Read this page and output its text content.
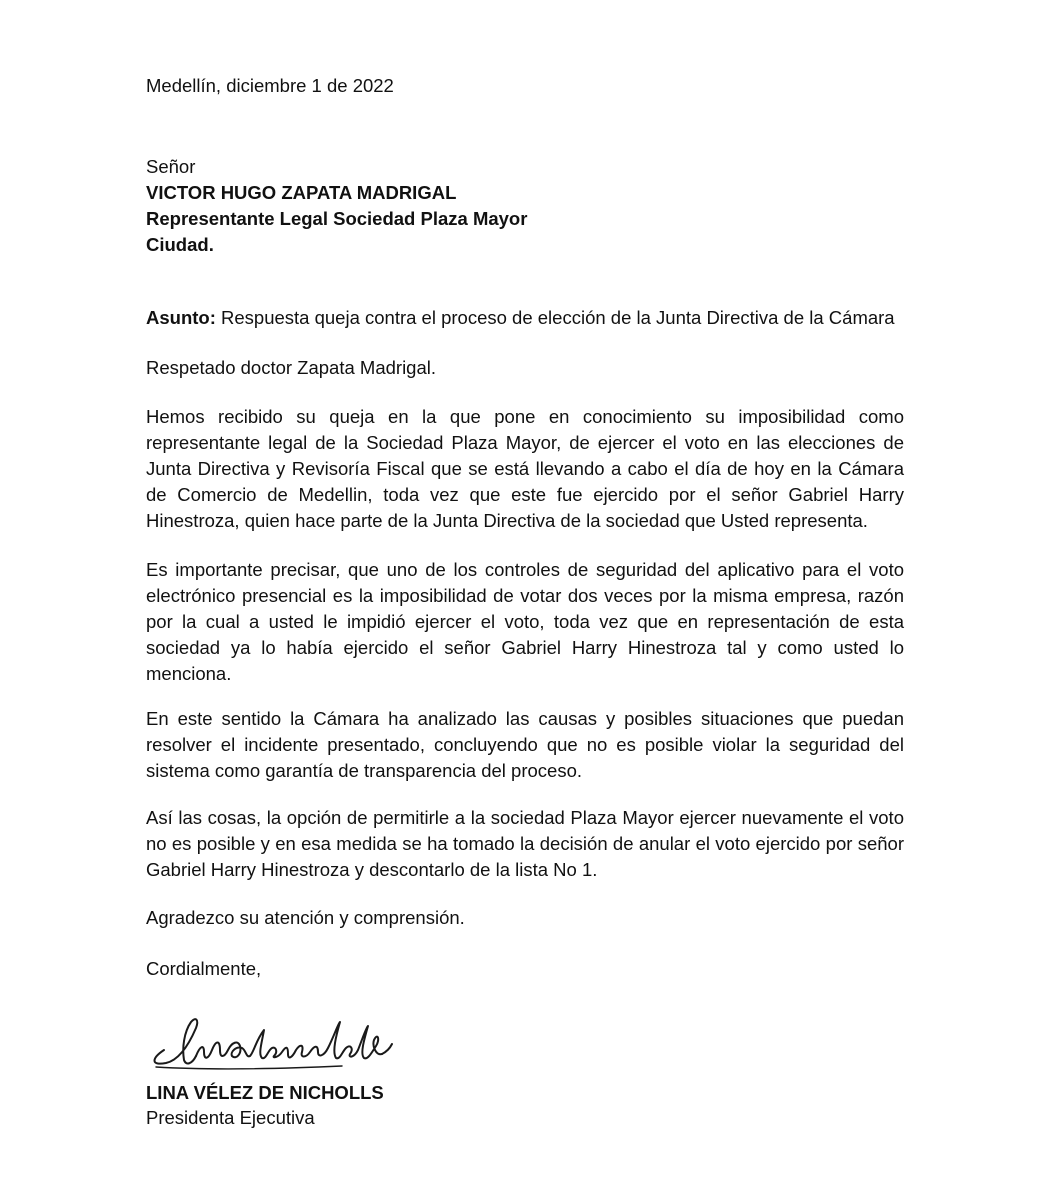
Medellín, diciembre 1 de 2022
Señor
VICTOR HUGO ZAPATA MADRIGAL
Representante Legal Sociedad Plaza Mayor
Ciudad.
Asunto: Respuesta queja contra el proceso de elección de la Junta Directiva de la Cámara
Respetado doctor Zapata Madrigal.
Hemos recibido su queja en la que pone en conocimiento su imposibilidad como representante legal de la Sociedad Plaza Mayor, de ejercer el voto en las elecciones de Junta Directiva y Revisoría Fiscal que se está llevando a cabo el día de hoy en la Cámara de Comercio de Medellin, toda vez que este fue ejercido por el señor Gabriel Harry Hinestroza, quien hace parte de la Junta Directiva de la sociedad que Usted representa.
Es importante precisar, que uno de los controles de seguridad del aplicativo para el voto electrónico presencial es la imposibilidad de votar dos veces por la misma empresa, razón por la cual a usted le impidió ejercer el voto, toda vez que en representación de esta sociedad ya lo había ejercido el señor Gabriel Harry Hinestroza tal y como usted lo menciona.
En este sentido la Cámara ha analizado las causas y posibles situaciones que puedan resolver el incidente presentado, concluyendo que no es posible violar la seguridad del sistema como garantía de transparencia del proceso.
Así las cosas, la opción de permitirle a la sociedad Plaza Mayor ejercer nuevamente el voto no es posible y en esa medida se ha tomado la decisión de anular el voto ejercido por señor Gabriel Harry Hinestroza y descontarlo de la lista No 1.
Agradezco su atención y comprensión.
Cordialmente,
LINA VÉLEZ DE NICHOLLS
Presidenta Ejecutiva
